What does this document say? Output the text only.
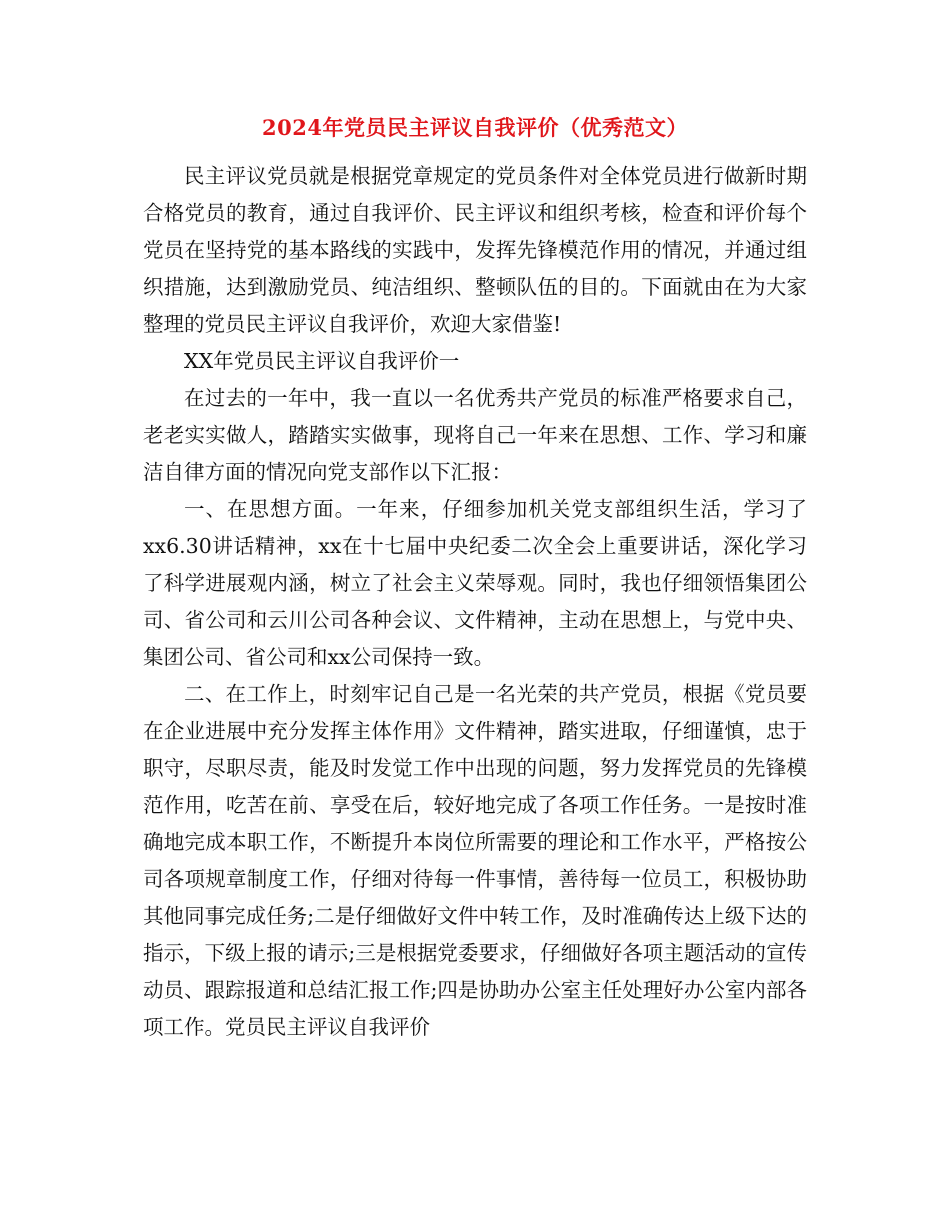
2024年党员民主评议自我评价（优秀范文）

民主评议党员就是根据党章规定的党员条件对全体党员进行做新时期合格党员的教育，通过自我评价、民主评议和组织考核，检查和评价每个党员在坚持党的基本路线的实践中，发挥先锋模范作用的情况，并通过组织措施，达到激励党员、纯洁组织、整顿队伍的目的。下面就由在为大家整理的党员民主评议自我评价，欢迎大家借鉴!

XX年党员民主评议自我评价一

在过去的一年中，我一直以一名优秀共产党员的标准严格要求自己，老老实实做人，踏踏实实做事，现将自己一年来在思想、工作、学习和廉洁自律方面的情况向党支部作以下汇报：

一、在思想方面。一年来，仔细参加机关党支部组织生活，学习了xx6.30讲话精神，xx在十七届中央纪委二次全会上重要讲话，深化学习了科学进展观内涵，树立了社会主义荣辱观。同时，我也仔细领悟集团公司、省公司和云川公司各种会议、文件精神，主动在思想上，与党中央、集团公司、省公司和xx公司保持一致。

二、在工作上，时刻牢记自己是一名光荣的共产党员，根据《党员要在企业进展中充分发挥主体作用》文件精神，踏实进取，仔细谨慎，忠于职守，尽职尽责，能及时发觉工作中出现的问题，努力发挥党员的先锋模范作用，吃苦在前、享受在后，较好地完成了各项工作任务。一是按时准确地完成本职工作，不断提升本岗位所需要的理论和工作水平，严格按公司各项规章制度工作，仔细对待每一件事情，善待每一位员工，积极协助其他同事完成任务;二是仔细做好文件中转工作，及时准确传达上级下达的指示，下级上报的请示;三是根据党委要求，仔细做好各项主题活动的宣传动员、跟踪报道和总结汇报工作;四是协助办公室主任处理好办公室内部各项工作。党员民主评议自我评价
